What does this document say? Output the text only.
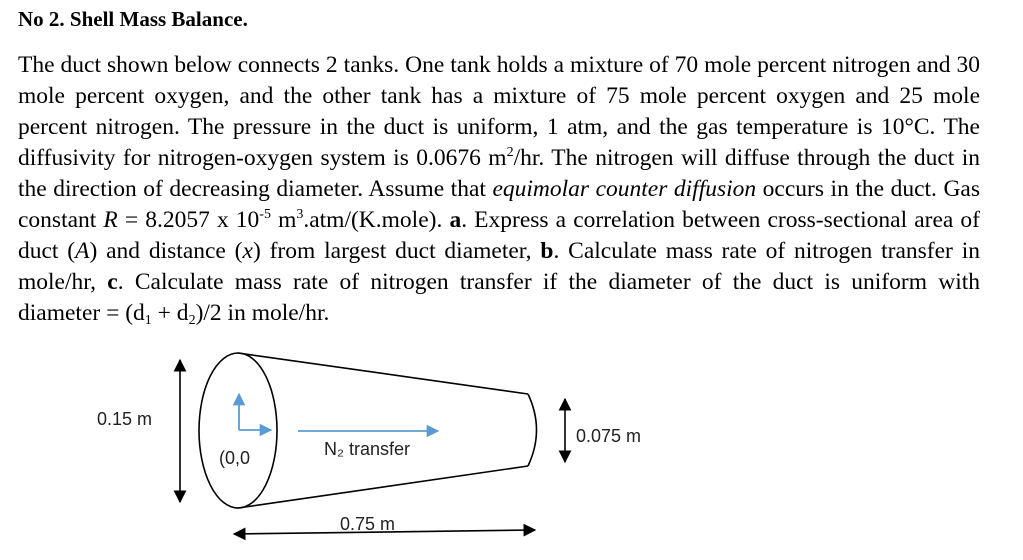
No 2. Shell Mass Balance.

The duct shown below connects 2 tanks. One tank holds a mixture of 70 mole percent nitrogen and 30 mole percent oxygen, and the other tank has a mixture of 75 mole percent oxygen and 25 mole percent nitrogen. The pressure in the duct is uniform, 1 atm, and the gas temperature is 10°C. The diffusivity for nitrogen-oxygen system is 0.0676 $m^2/hr$. The nitrogen will diffuse through the duct in the direction of decreasing diameter. Assume that equimolar counter diffusion occurs in the duct. Gas constant R = 8.2057 x $10^{-5}$ $m^3.atm/(K.mole)$. a. Express a correlation between cross-sectional area of duct (A) and distance (x) from largest duct diameter, b. Calculate mass rate of nitrogen transfer in mole/hr, c. Calculate mass rate of nitrogen transfer if the diameter of the duct is uniform with diameter = $(d_1 + d_2)/2$ in mole/hr.

0.15 m
0.075 m
(0,0	N₂ transfer
0.75 m
